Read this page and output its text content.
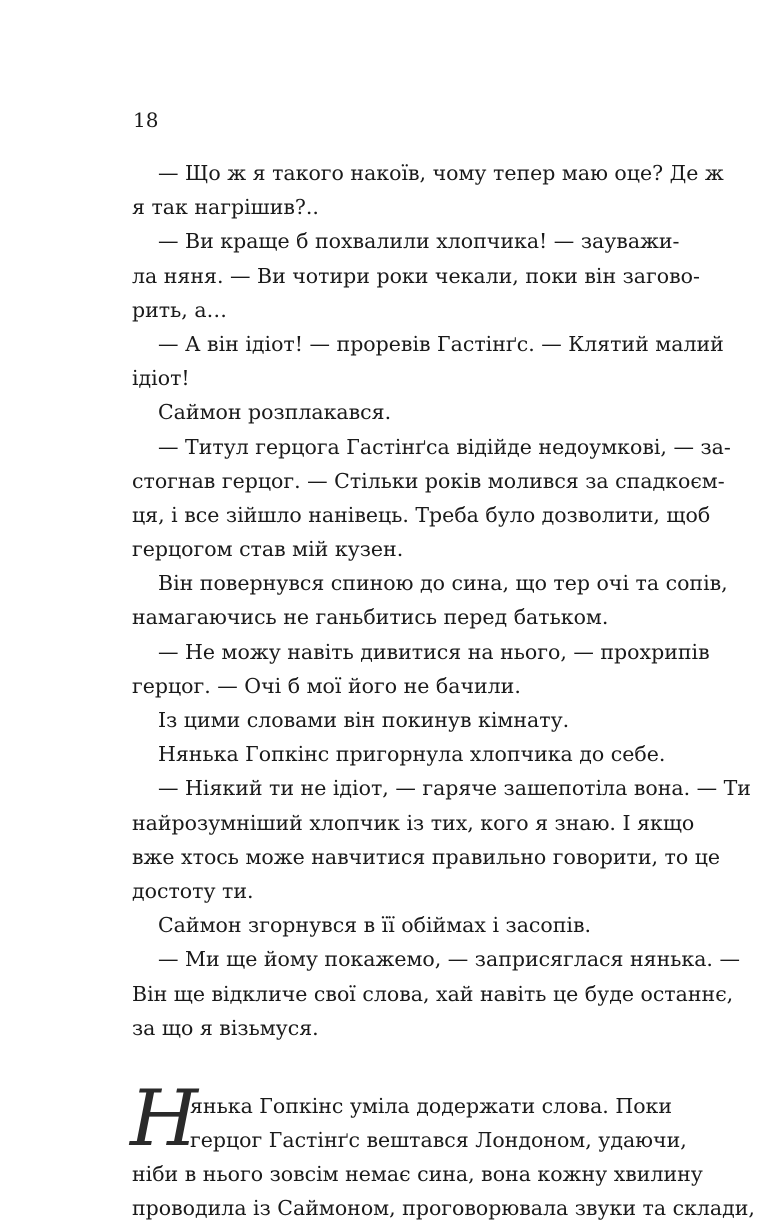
18
— Що ж я такого накоїв, чому тепер маю оце? Де ж
я так нагрішив?..
— Ви краще б похвалили хлопчика! — зауважи-
ла няня. — Ви чотири роки чекали, поки він загово-
рить, а…
— А він ідіот! — проревів Гастінґс. — Клятий малий
ідіот!
Саймон розплакався.
— Титул герцога Гастінґса відійде недоумкові, — за-
стогнав герцог. — Стільки років молився за спадкоєм-
ця, і все зійшло нанівець. Треба було дозволити, щоб
герцогом став мій кузен.
Він повернувся спиною до сина, що тер очі та сопів,
намагаючись не ганьбитись перед батьком.
— Не можу навіть дивитися на нього, — прохрипів
герцог. — Очі б мої його не бачили.
Із цими словами він покинув кімнату.
Нянька Гопкінс пригорнула хлопчика до себе.
— Ніякий ти не ідіот, — гаряче зашепотіла вона. — Ти
найрозумніший хлопчик із тих, кого я знаю. І якщо
вже хтось може навчитися правильно говорити, то це
достоту ти.
Саймон згорнувся в її обіймах і засопів.
— Ми ще йому покажемо, — заприсяглася нянька. —
Він ще відкличе свої слова, хай навіть це буде останнє,
за що я візьмуся.
Н
янька Гопкінс уміла додержати слова. Поки
герцог Гастінґс вештався Лондоном, удаючи,
ніби в нього зовсім немає сина, вона кожну хвилину
проводила із Саймоном, проговорювала звуки та склади,
